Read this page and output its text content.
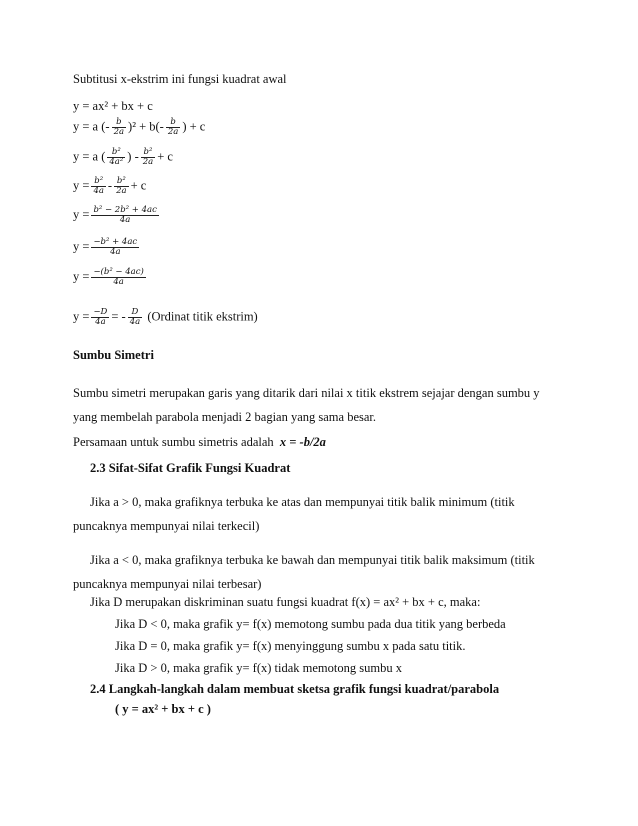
Subtitusi x-ekstrim ini fungsi kuadrat awal
y = ax² + bx + c
y = a (- $\frac{b}{2a} )^2 + b(- \frac{b}{2a}$ ) + c
y = a ( $\frac{\text{b²}}{\text{4a²}}$ ) - $\frac{\text{b²}}{2a} + c$
$y = \frac{\text{b²}}{4a} - \frac{\text{b²}}{2a} + c$
$y = \frac{\text{b² − 2b² + 4ac}}{4a}$
$y = \frac{\text{−b² + 4ac}}{4a}$
$y = \frac{\text{−(b² − 4ac)}}{4a}$
$y = \frac{-D}{4a}$ = - $\frac{D}{4a}$ (Ordinat titik ekstrim)
Sumbu Simetri
Sumbu simetri merupakan garis yang ditarik dari nilai x titik ekstrem sejajar dengan sumbu y
yang membelah parabola menjadi 2 bagian yang sama besar.
Persamaan untuk sumbu simetris adalah x = -b/2a
2.3 Sifat-Sifat Grafik Fungsi Kuadrat
Jika a > 0, maka grafiknya terbuka ke atas dan mempunyai titik balik minimum (titik
puncaknya mempunyai nilai terkecil)
Jika a < 0, maka grafiknya terbuka ke bawah dan mempunyai titik balik maksimum (titik
puncaknya mempunyai nilai terbesar)
Jika D merupakan diskriminan suatu fungsi kuadrat f(x) = ax² + bx + c, maka:
Jika D < 0, maka grafik y= f(x) memotong sumbu pada dua titik yang berbeda
Jika D = 0, maka grafik y= f(x) menyinggung sumbu x pada satu titik.
Jika D > 0, maka grafik y= f(x) tidak memotong sumbu x
2.4 Langkah-langkah dalam membuat sketsa grafik fungsi kuadrat/parabola
( y = ax² + bx + c )
